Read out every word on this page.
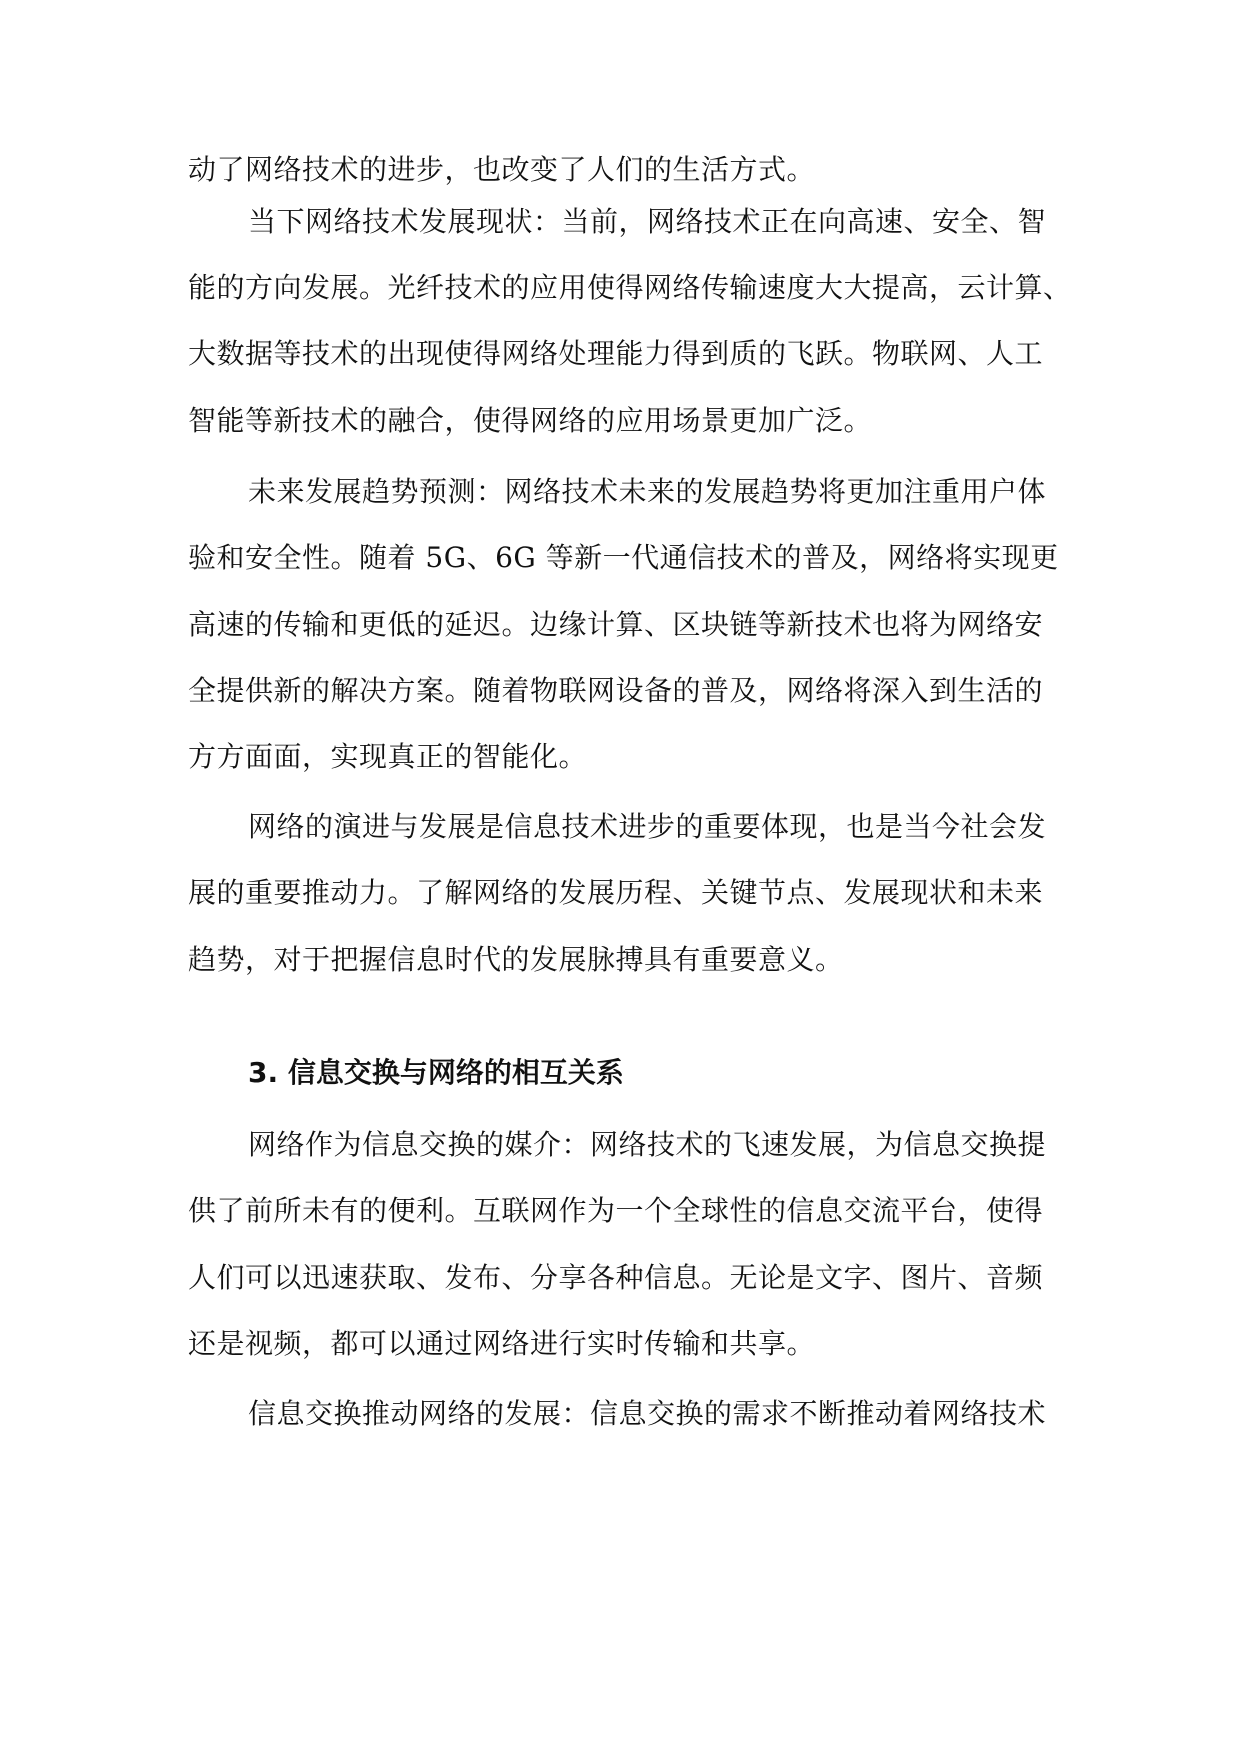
动了网络技术的进步，也改变了人们的生活方式。
当下网络技术发展现状：当前，网络技术正在向高速、安全、智
能的方向发展。光纤技术的应用使得网络传输速度大大提高，云计算、
大数据等技术的出现使得网络处理能力得到质的飞跃。物联网、人工
智能等新技术的融合，使得网络的应用场景更加广泛。
未来发展趋势预测：网络技术未来的发展趋势将更加注重用户体
验和安全性。随着 5G、6G 等新一代通信技术的普及，网络将实现更
高速的传输和更低的延迟。边缘计算、区块链等新技术也将为网络安
全提供新的解决方案。随着物联网设备的普及，网络将深入到生活的
方方面面，实现真正的智能化。
网络的演进与发展是信息技术进步的重要体现，也是当今社会发
展的重要推动力。了解网络的发展历程、关键节点、发展现状和未来
趋势，对于把握信息时代的发展脉搏具有重要意义。
3. 信息交换与网络的相互关系
网络作为信息交换的媒介：网络技术的飞速发展，为信息交换提
供了前所未有的便利。互联网作为一个全球性的信息交流平台，使得
人们可以迅速获取、发布、分享各种信息。无论是文字、图片、音频
还是视频，都可以通过网络进行实时传输和共享。
信息交换推动网络的发展：信息交换的需求不断推动着网络技术
